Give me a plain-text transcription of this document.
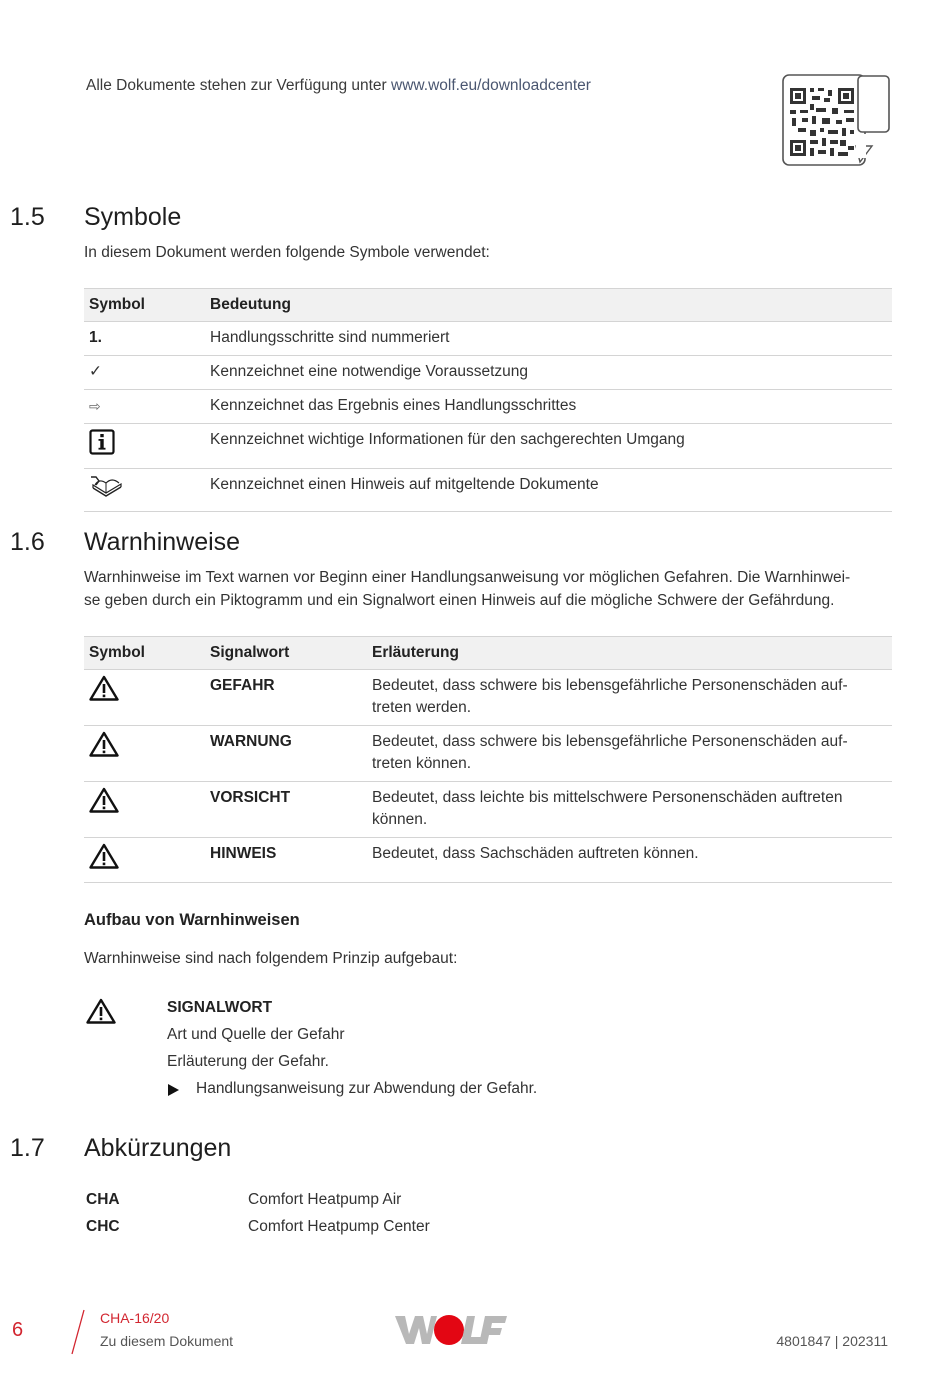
Alle Dokumente stehen zur Verfügung unter www.wolf.eu/downloadcenter
1.5 Symbole
In diesem Dokument werden folgende Symbole verwendet:
Symbol	Bedeutung
1.	Handlungsschritte sind nummeriert
✓	Kennzeichnet eine notwendige Voraussetzung
⇨	Kennzeichnet das Ergebnis eines Handlungsschrittes
	Kennzeichnet wichtige Informationen für den sachgerechten Umgang
	Kennzeichnet einen Hinweis auf mitgeltende Dokumente
1.6 Warnhinweise
Warnhinweise im Text warnen vor Beginn einer Handlungsanweisung vor möglichen Gefahren. Die Warnhinwei-
se geben durch ein Piktogramm und ein Signalwort einen Hinweis auf die mögliche Schwere der Gefährdung.
Symbol	Signalwort	Erläuterung
	GEFAHR	Bedeutet, dass schwere bis lebensgefährliche Personenschäden auf-
treten werden.

	WARNUNG	Bedeutet, dass schwere bis lebensgefährliche Personenschäden auf-
treten können.

	VORSICHT	Bedeutet, dass leichte bis mittelschwere Personenschäden auftreten
können.

	HINWEIS	Bedeutet, dass Sachschäden auftreten können.
Aufbau von Warnhinweisen
Warnhinweise sind nach folgendem Prinzip aufgebaut:
SIGNALWORT
Art und Quelle der Gefahr
Erläuterung der Gefahr.
Handlungsanweisung zur Abwendung der Gefahr.
1.7 Abkürzungen
CHA	Comfort Heatpump Air
CHC	Comfort Heatpump Center
6
CHA-16/20
Zu diesem Dokument	4801847 | 202311
